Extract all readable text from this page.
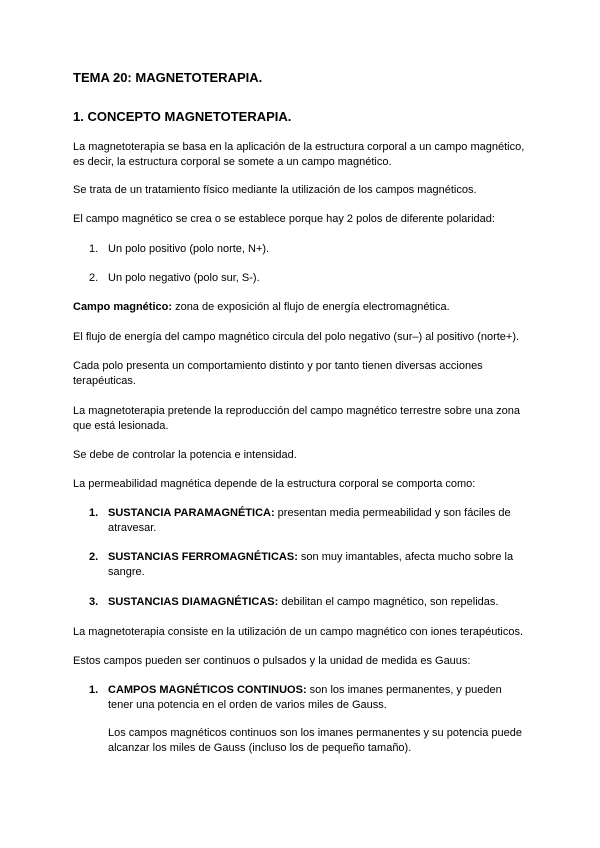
TEMA 20: MAGNETOTERAPIA.
1. CONCEPTO MAGNETOTERAPIA.
La magnetoterapia se basa en la aplicación de la estructura corporal a un campo magnético, es decir, la estructura corporal se somete a un campo magnético.
Se trata de un tratamiento físico mediante la utilización de los campos magnéticos.
El campo magnético se crea o se establece porque hay 2 polos de diferente polaridad:
1. Un polo positivo (polo norte, N+).
2. Un polo negativo (polo sur, S-).
Campo magnético: zona de exposición al flujo de energía electromagnética.
El flujo de energía del campo magnético circula del polo negativo (sur–) al positivo (norte+).
Cada polo presenta un comportamiento distinto y por tanto tienen diversas acciones terapéuticas.
La magnetoterapia pretende la reproducción del campo magnético terrestre sobre una zona que está lesionada.
Se debe de controlar la potencia e intensidad.
La permeabilidad magnética depende de la estructura corporal se comporta como:
1. SUSTANCIA PARAMAGNÉTICA: presentan media permeabilidad y son fáciles de atravesar.
2. SUSTANCIAS FERROMAGNÉTICAS: son muy imantables, afecta mucho sobre la sangre.
3. SUSTANCIAS DIAMAGNÉTICAS: debilitan el campo magnético, son repelidas.
La magnetoterapia consiste en la utilización de un campo magnético con iones terapéuticos.
Estos campos pueden ser continuos o pulsados y la unidad de medida es Gauus:
1. CAMPOS MAGNÉTICOS CONTINUOS: son los imanes permanentes, y pueden tener una potencia en el orden de varios miles de Gauss.
Los campos magnéticos continuos son los imanes permanentes y su potencia puede alcanzar los miles de Gauss (incluso los de pequeño tamaño).
